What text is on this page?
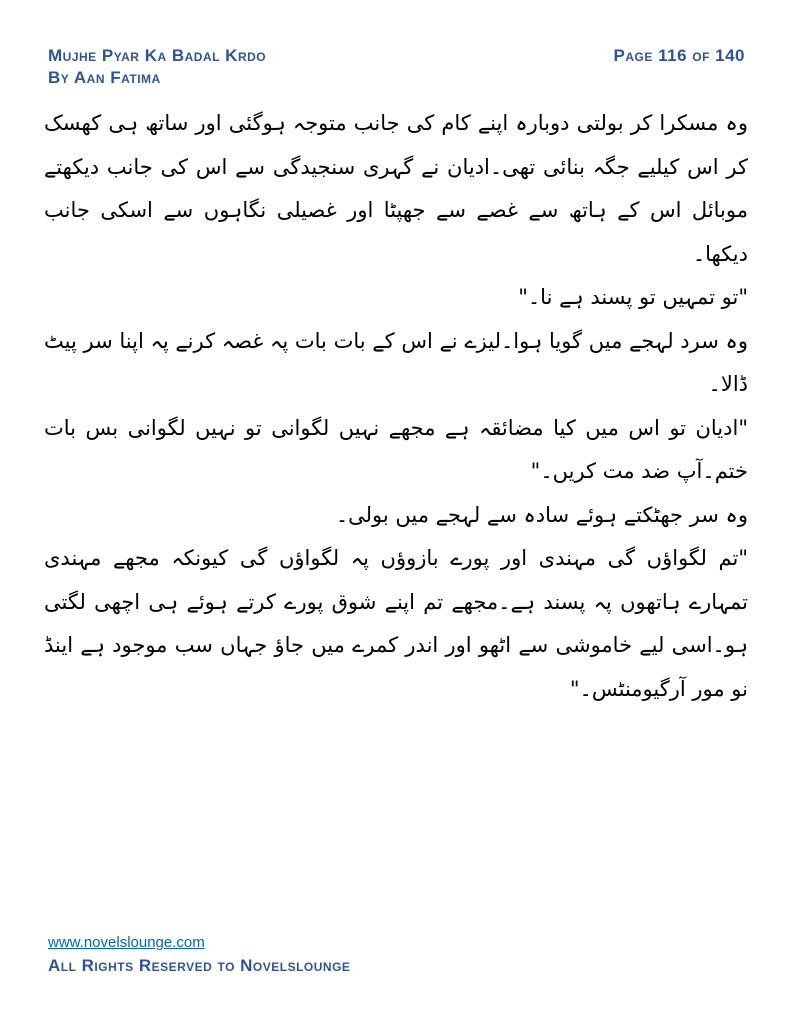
Mujhe Pyar Ka Badal Krdo
By Aan Fatima
Page 116 of 140

وہ مسکرا کر بولتی دوبارہ اپنے کام کی جانب متوجہ ہوگئی اور ساتھ ہی کھسک کر اس کیلیے جگہ بنائی تھی۔ادیان نے گہری سنجیدگی سے اس کی جانب دیکھتے موبائل اس کے ہاتھ سے غصے سے جھپٹا اور غصیلی نگاہوں سے اسکی جانب دیکھا۔

"تو تمہیں تو پسند ہے نا۔"

وہ سرد لہجے میں گویا ہوا۔لیزے نے اس کے بات بات پہ غصہ کرنے پہ اپنا سر پیٹ ڈالا۔

"ادیان تو اس میں کیا مضائقہ ہے مجھے نہیں لگوانی تو نہیں لگوانی بس بات ختم۔آپ ضد مت کریں۔"

وہ سر جھٹکتے ہوئے سادہ سے لہجے میں بولی۔

"تم لگواؤں گی مہندی اور پورے بازوؤں پہ لگواؤں گی کیونکہ مجھے مہندی تمہارے ہاتھوں پہ پسند ہے۔مجھے تم اپنے شوق پورے کرتے ہوئے ہی اچھی لگتی ہو۔اسی لیے خاموشی سے اٹھو اور اندر کمرے میں جاؤ جہاں سب موجود ہے اینڈ نو مور آرگیومنٹس۔"

www.novelslounge.com
All Rights Reserved to Novelslounge
